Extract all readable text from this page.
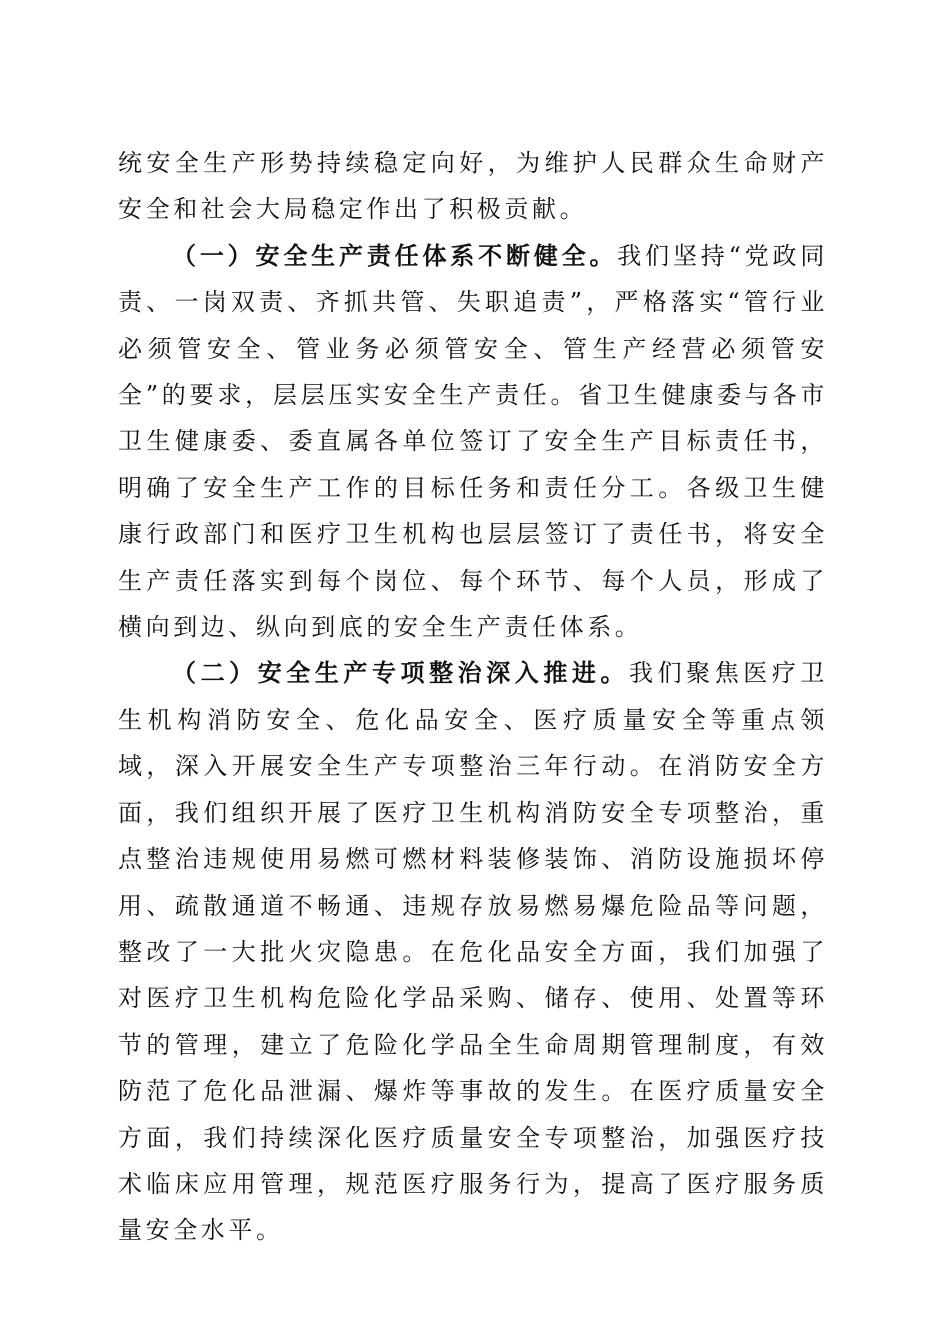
统安全生产形势持续稳定向好，为维护人民群众生命财产安全和社会大局稳定作出了积极贡献。

（一）安全生产责任体系不断健全。我们坚持“党政同责、一岗双责、齐抓共管、失职追责”，严格落实“管行业必须管安全、管业务必须管安全、管生产经营必须管安全”的要求，层层压实安全生产责任。省卫生健康委与各市卫生健康委、委直属各单位签订了安全生产目标责任书，明确了安全生产工作的目标任务和责任分工。各级卫生健康行政部门和医疗卫生机构也层层签订了责任书，将安全生产责任落实到每个岗位、每个环节、每个人员，形成了横向到边、纵向到底的安全生产责任体系。

（二）安全生产专项整治深入推进。我们聚焦医疗卫生机构消防安全、危化品安全、医疗质量安全等重点领域，深入开展安全生产专项整治三年行动。在消防安全方面，我们组织开展了医疗卫生机构消防安全专项整治，重点整治违规使用易燃可燃材料装修装饰、消防设施损坏停用、疏散通道不畅通、违规存放易燃易爆危险品等问题，整改了一大批火灾隐患。在危化品安全方面，我们加强了对医疗卫生机构危险化学品采购、储存、使用、处置等环节的管理，建立了危险化学品全生命周期管理制度，有效防范了危化品泄漏、爆炸等事故的发生。在医疗质量安全方面，我们持续深化医疗质量安全专项整治，加强医疗技术临床应用管理，规范医疗服务行为，提高了医疗服务质量安全水平。
